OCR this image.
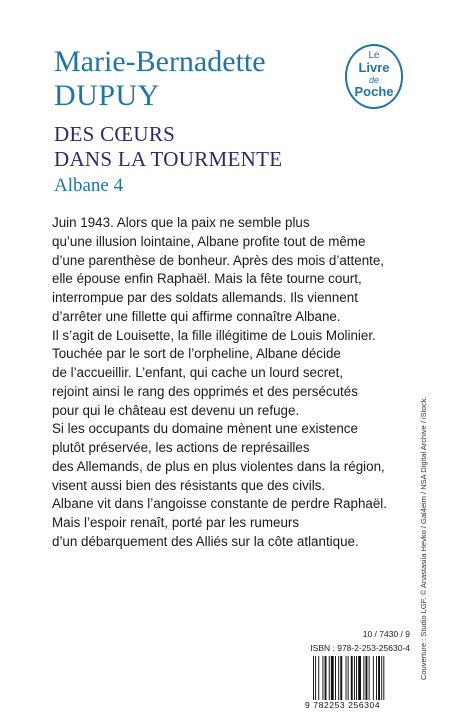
Marie-Bernadette
DUPUY
DES CŒURS
DANS LA TOURMENTE
Albane 4
Le
Livre
de
Poche
Juin 1943. Alors que la paix ne semble plus
qu’une illusion lointaine, Albane profite tout de même
d’une parenthèse de bonheur. Après des mois d’attente,
elle épouse enfin Raphaël. Mais la fête tourne court,
interrompue par des soldats allemands. Ils viennent
d’arrêter une fillette qui affirme connaître Albane.
Il s’agit de Louisette, la fille illégitime de Louis Molinier.
Touchée par le sort de l’orpheline, Albane décide
de l’accueillir. L’enfant, qui cache un lourd secret,
rejoint ainsi le rang des opprimés et des persécutés
pour qui le château est devenu un refuge.
Si les occupants du domaine mènent une existence
plutôt préservée, les actions de représailles
des Allemands, de plus en plus violentes dans la région,
visent aussi bien des résistants que des civils.
Albane vit dans l’angoisse constante de perdre Raphaël.
Mais l’espoir renaît, porté par les rumeurs
d’un débarquement des Alliés sur la côte atlantique.	Couverture : Studio LGF. © Anastasiia Hevko / Gal4eim / NSA Digital Archive / iStock.
10 / 7430 / 9
ISBN : 978-2-253-25630-4
9 782253 256304
